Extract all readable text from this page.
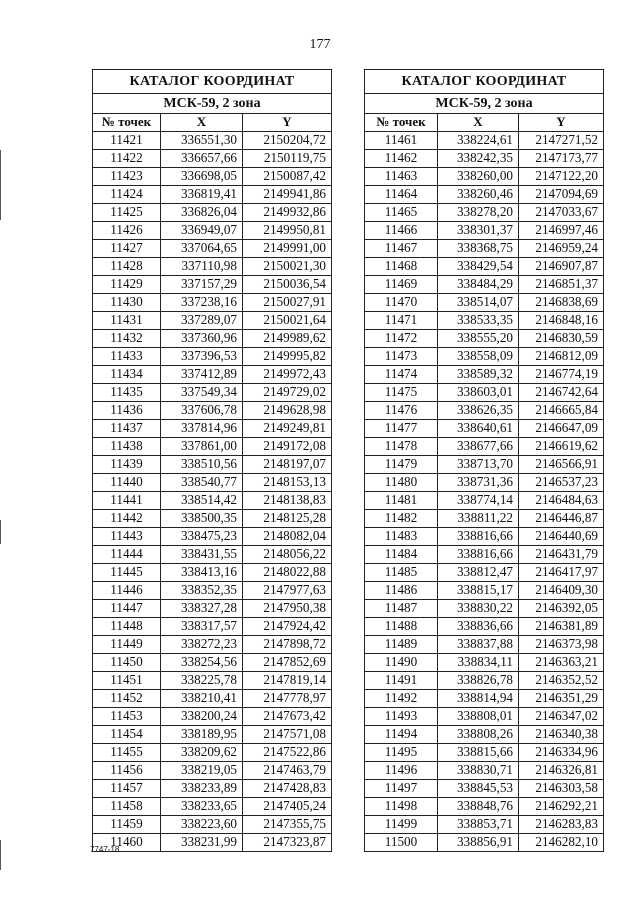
177
КАТАЛОГ КООРДИНАТ		
МСК-59, 2 зона		
№ точек	X	Y
11421	336551,30	2150204,72
11422	336657,66	2150119,75
11423	336698,05	2150087,42
11424	336819,41	2149941,86
11425	336826,04	2149932,86
11426	336949,07	2149950,81
11427	337064,65	2149991,00
11428	337110,98	2150021,30
11429	337157,29	2150036,54
11430	337238,16	2150027,91
11431	337289,07	2150021,64
11432	337360,96	2149989,62
11433	337396,53	2149995,82
11434	337412,89	2149972,43
11435	337549,34	2149729,02
11436	337606,78	2149628,98
11437	337814,96	2149249,81
11438	337861,00	2149172,08
11439	338510,56	2148197,07
11440	338540,77	2148153,13
11441	338514,42	2148138,83
11442	338500,35	2148125,28
11443	338475,23	2148082,04
11444	338431,55	2148056,22
11445	338413,16	2148022,88
11446	338352,35	2147977,63
11447	338327,28	2147950,38
11448	338317,57	2147924,42
11449	338272,23	2147898,72
11450	338254,56	2147852,69
11451	338225,78	2147819,14
11452	338210,41	2147778,97
11453	338200,24	2147673,42
11454	338189,95	2147571,08
11455	338209,62	2147522,86
11456	338219,05	2147463,79
11457	338233,89	2147428,83
11458	338233,65	2147405,24
11459	338223,60	2147355,75
11460	338231,99	2147323,87
КАТАЛОГ КООРДИНАТ		
МСК-59, 2 зона		
№ точек	X	Y
11461	338224,61	2147271,52
11462	338242,35	2147173,77
11463	338260,00	2147122,20
11464	338260,46	2147094,69
11465	338278,20	2147033,67
11466	338301,37	2146997,46
11467	338368,75	2146959,24
11468	338429,54	2146907,87
11469	338484,29	2146851,37
11470	338514,07	2146838,69
11471	338533,35	2146848,16
11472	338555,20	2146830,59
11473	338558,09	2146812,09
11474	338589,32	2146774,19
11475	338603,01	2146742,64
11476	338626,35	2146665,84
11477	338640,61	2146647,09
11478	338677,66	2146619,62
11479	338713,70	2146566,91
11480	338731,36	2146537,23
11481	338774,14	2146484,63
11482	338811,22	2146446,87
11483	338816,66	2146440,69
11484	338816,66	2146431,79
11485	338812,47	2146417,97
11486	338815,17	2146409,30
11487	338830,22	2146392,05
11488	338836,66	2146381,89
11489	338837,88	2146373,98
11490	338834,11	2146363,21
11491	338826,78	2146352,52
11492	338814,94	2146351,29
11493	338808,01	2146347,02
11494	338808,26	2146340,38
11495	338815,66	2146334,96
11496	338830,71	2146326,81
11497	338845,53	2146303,58
11498	338848,76	2146292,21
11499	338853,71	2146283,83
11500	338856,91	2146282,10
7747-18
